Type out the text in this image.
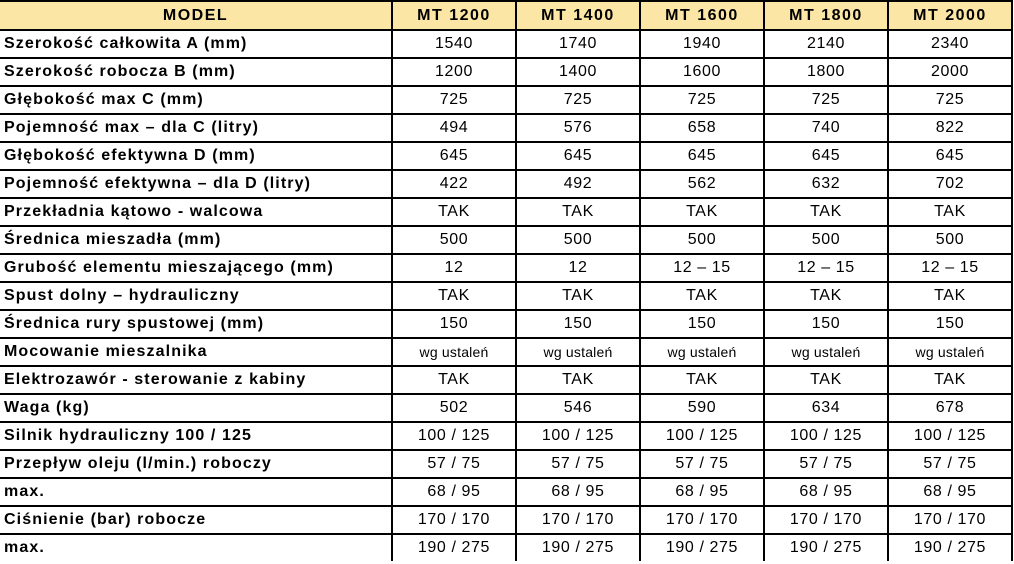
MODEL	MT 1200	MT 1400	MT 1600	MT 1800	MT 2000
Szerokość całkowita A (mm)	1540	1740	1940	2140	2340
Szerokość robocza B (mm)	1200	1400	1600	1800	2000
Głębokość max C (mm)	725	725	725	725	725
Pojemność max – dla C (litry)	494	576	658	740	822
Głębokość efektywna D (mm)	645	645	645	645	645
Pojemność efektywna – dla D (litry)	422	492	562	632	702
Przekładnia kątowo - walcowa	TAK	TAK	TAK	TAK	TAK
Średnica mieszadła (mm)	500	500	500	500	500
Grubość elementu mieszającego (mm)	12	12	12 – 15	12 – 15	12 – 15
Spust dolny – hydrauliczny	TAK	TAK	TAK	TAK	TAK
Średnica rury spustowej (mm)	150	150	150	150	150
Mocowanie mieszalnika	wg ustaleń	wg ustaleń	wg ustaleń	wg ustaleń	wg ustaleń
Elektrozawór - sterowanie z kabiny	TAK	TAK	TAK	TAK	TAK
Waga (kg)	502	546	590	634	678
Silnik hydrauliczny 100 / 125	100 / 125	100 / 125	100 / 125	100 / 125	100 / 125
Przepływ oleju (l/min.) roboczy	57 / 75	57 / 75	57 / 75	57 / 75	57 / 75
max.	68 / 95	68 / 95	68 / 95	68 / 95	68 / 95
Ciśnienie (bar) robocze	170 / 170	170 / 170	170 / 170	170 / 170	170 / 170
max.	190 / 275	190 / 275	190 / 275	190 / 275	190 / 275
